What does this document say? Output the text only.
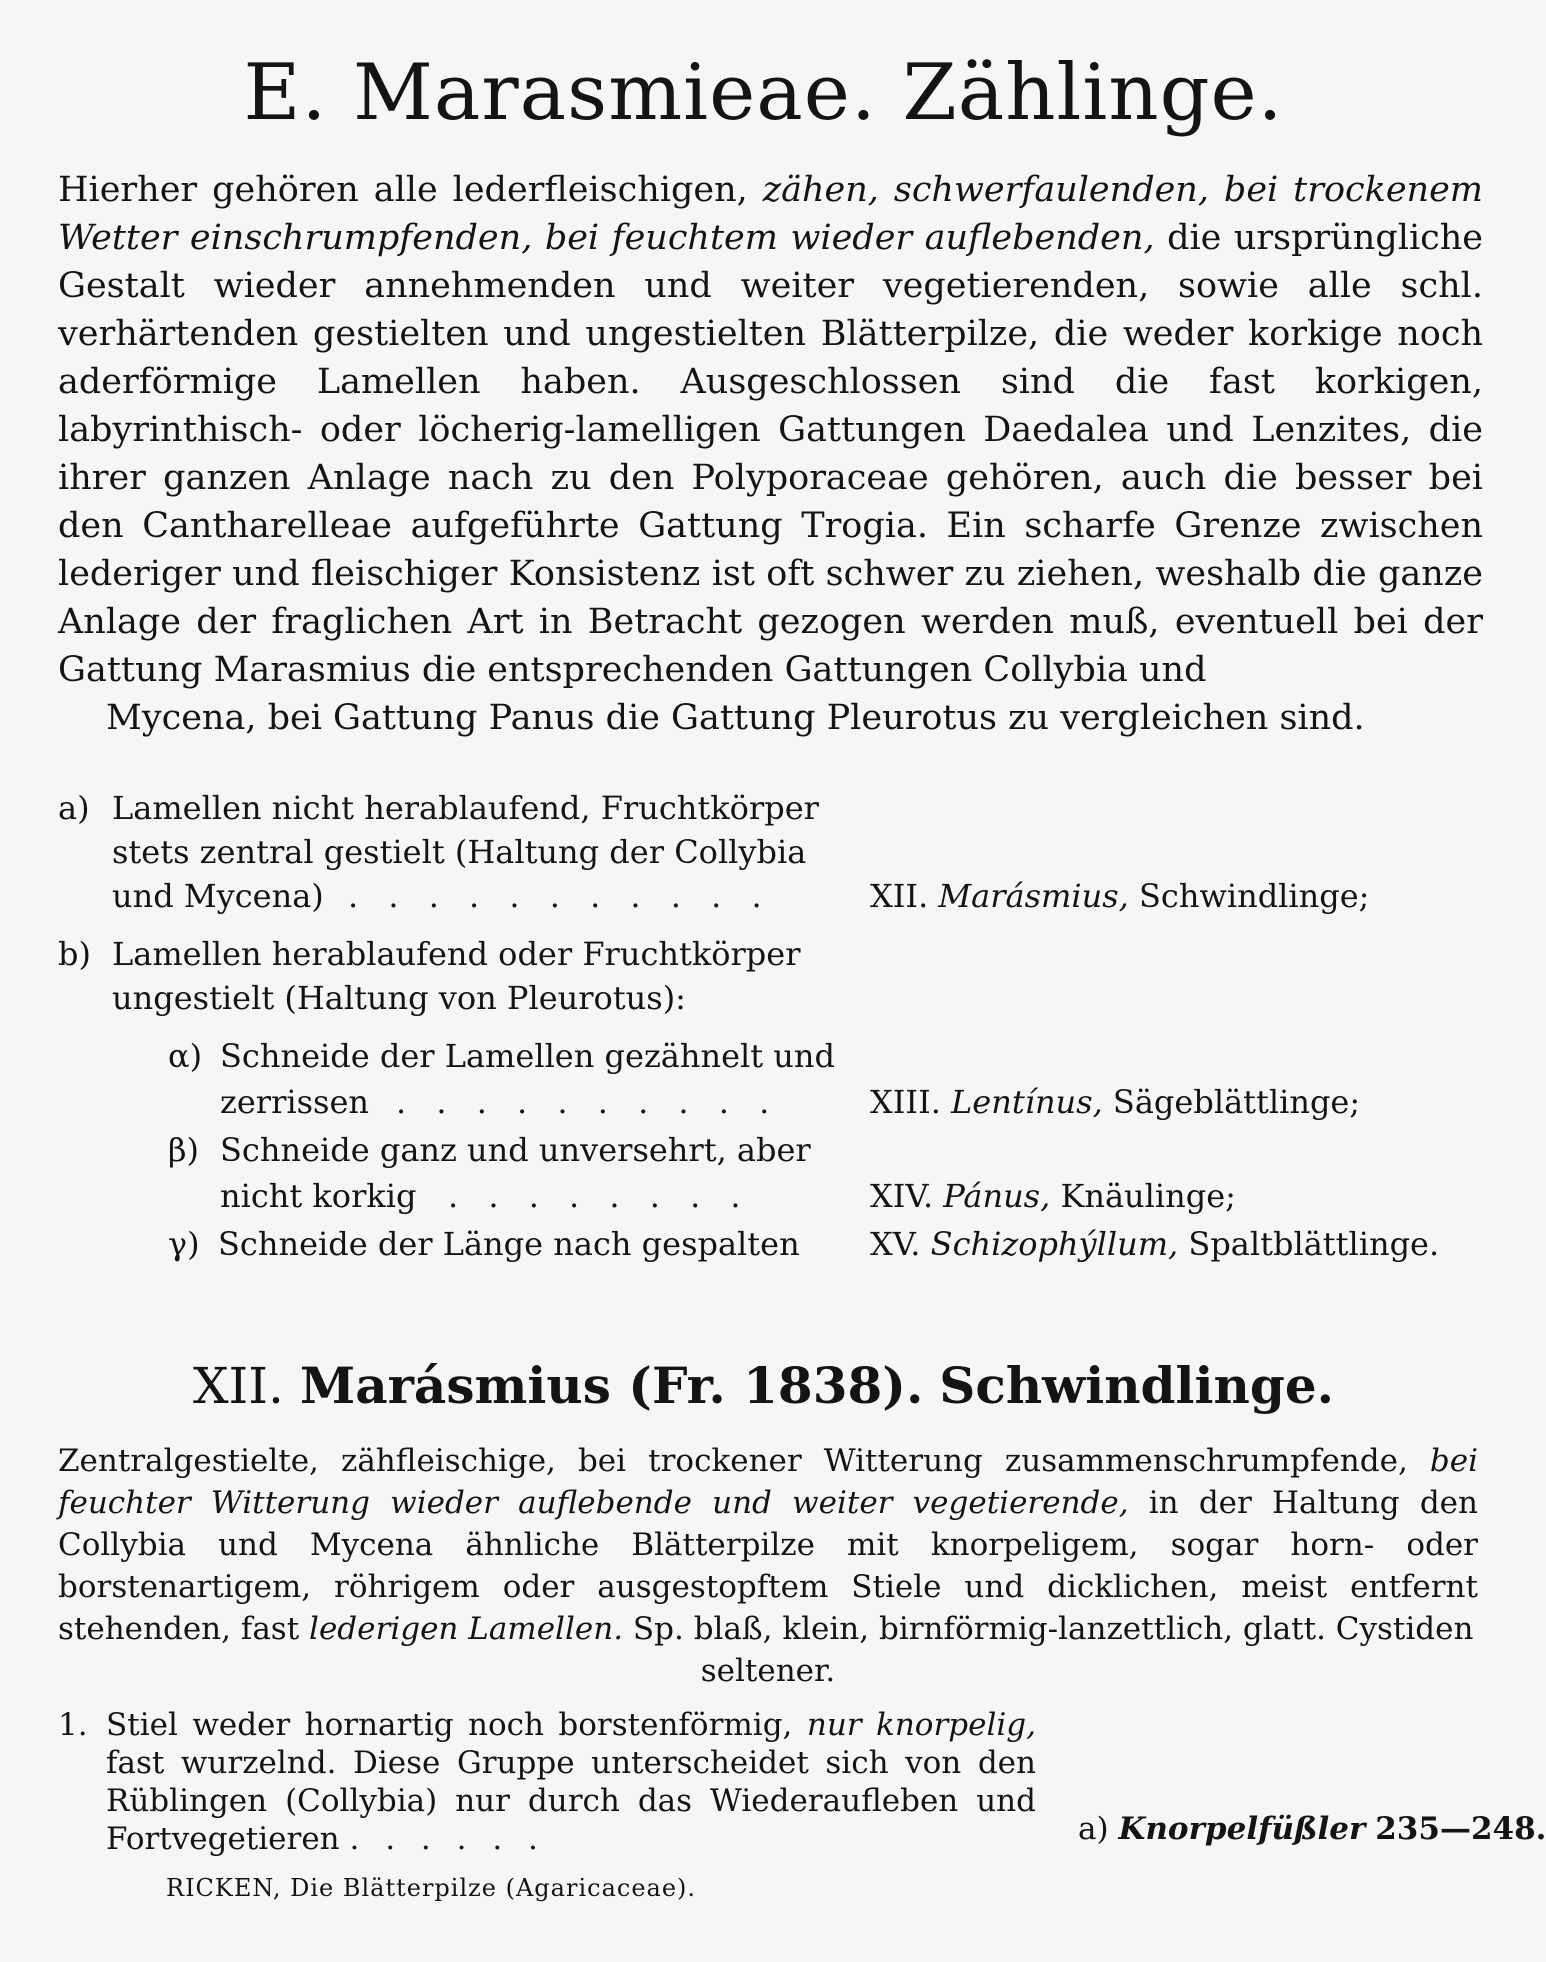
E. Marasmieae. Zählinge.

Hierher gehören alle lederfleischigen, zähen, schwerfaulenden, bei trockenem Wetter einschrumpfenden, bei feuchtem wieder auflebenden, die ursprüngliche Gestalt wieder annehmenden und weiter vegetierenden, sowie alle schl. verhärtenden gestielten und ungestielten Blätterpilze, die weder korkige noch aderförmige Lamellen haben. Ausgeschlossen sind die fast korkigen, labyrinthisch- oder löcherig-lamelligen Gattungen Daedalea und Lenzites, die ihrer ganzen Anlage nach zu den Polyporaceae gehören, auch die besser bei den Cantharelleae aufgeführte Gattung Trogia. Ein scharfe Grenze zwischen lederiger und fleischiger Konsistenz ist oft schwer zu ziehen, weshalb die ganze Anlage der fraglichen Art in Betracht gezogen werden muß, eventuell bei der Gattung Marasmius die entsprechenden Gattungen Collybia und
Mycena, bei Gattung Panus die Gattung Pleurotus zu vergleichen sind.

a) Lamellen nicht herablaufend, Fruchtkörper
stets zentral gestielt (Haltung der Collybia
und Mycena) . . . . . . . . . . .	XII. Marásmius, Schwindlinge;
b) Lamellen herablaufend oder Fruchtkörper
ungestielt (Haltung von Pleurotus):
α) Schneide der Lamellen gezähnelt und
zerrissen . . . . . . . . . .	XIII. Lentínus, Sägeblättlinge;
β) Schneide ganz und unversehrt, aber
nicht korkig . . . . . . . .	XIV. Pánus, Knäulinge;
γ) Schneide der Länge nach gespalten XV. Schizophýllum, Spaltblättlinge.
XII. Marásmius (Fr. 1838). Schwindlinge.

Zentralgestielte, zähfleischige, bei trockener Witterung zusammenschrumpfende, bei feuchter Witterung wieder auflebende und weiter vegetierende, in der Haltung den Collybia und Mycena ähnliche Blätterpilze mit knorpeligem, sogar horn- oder borstenartigem, röhrigem oder ausgestopftem Stiele und dicklichen, meist entfernt stehenden, fast lederigen Lamellen. Sp. blaß, klein, birnförmig-lanzettlich, glatt. Cystiden
seltener.

1. Stiel weder hornartig noch borstenförmig, nur knorpelig, fast wurzelnd. Diese Gruppe unterscheidet sich von den Rüblingen (Collybia) nur durch das Wiederaufleben und Fortvegetieren . . . . . .	a) Knorpelfüßler 235—248.
RICKEN, Die Blätterpilze (Agaricaceae).
